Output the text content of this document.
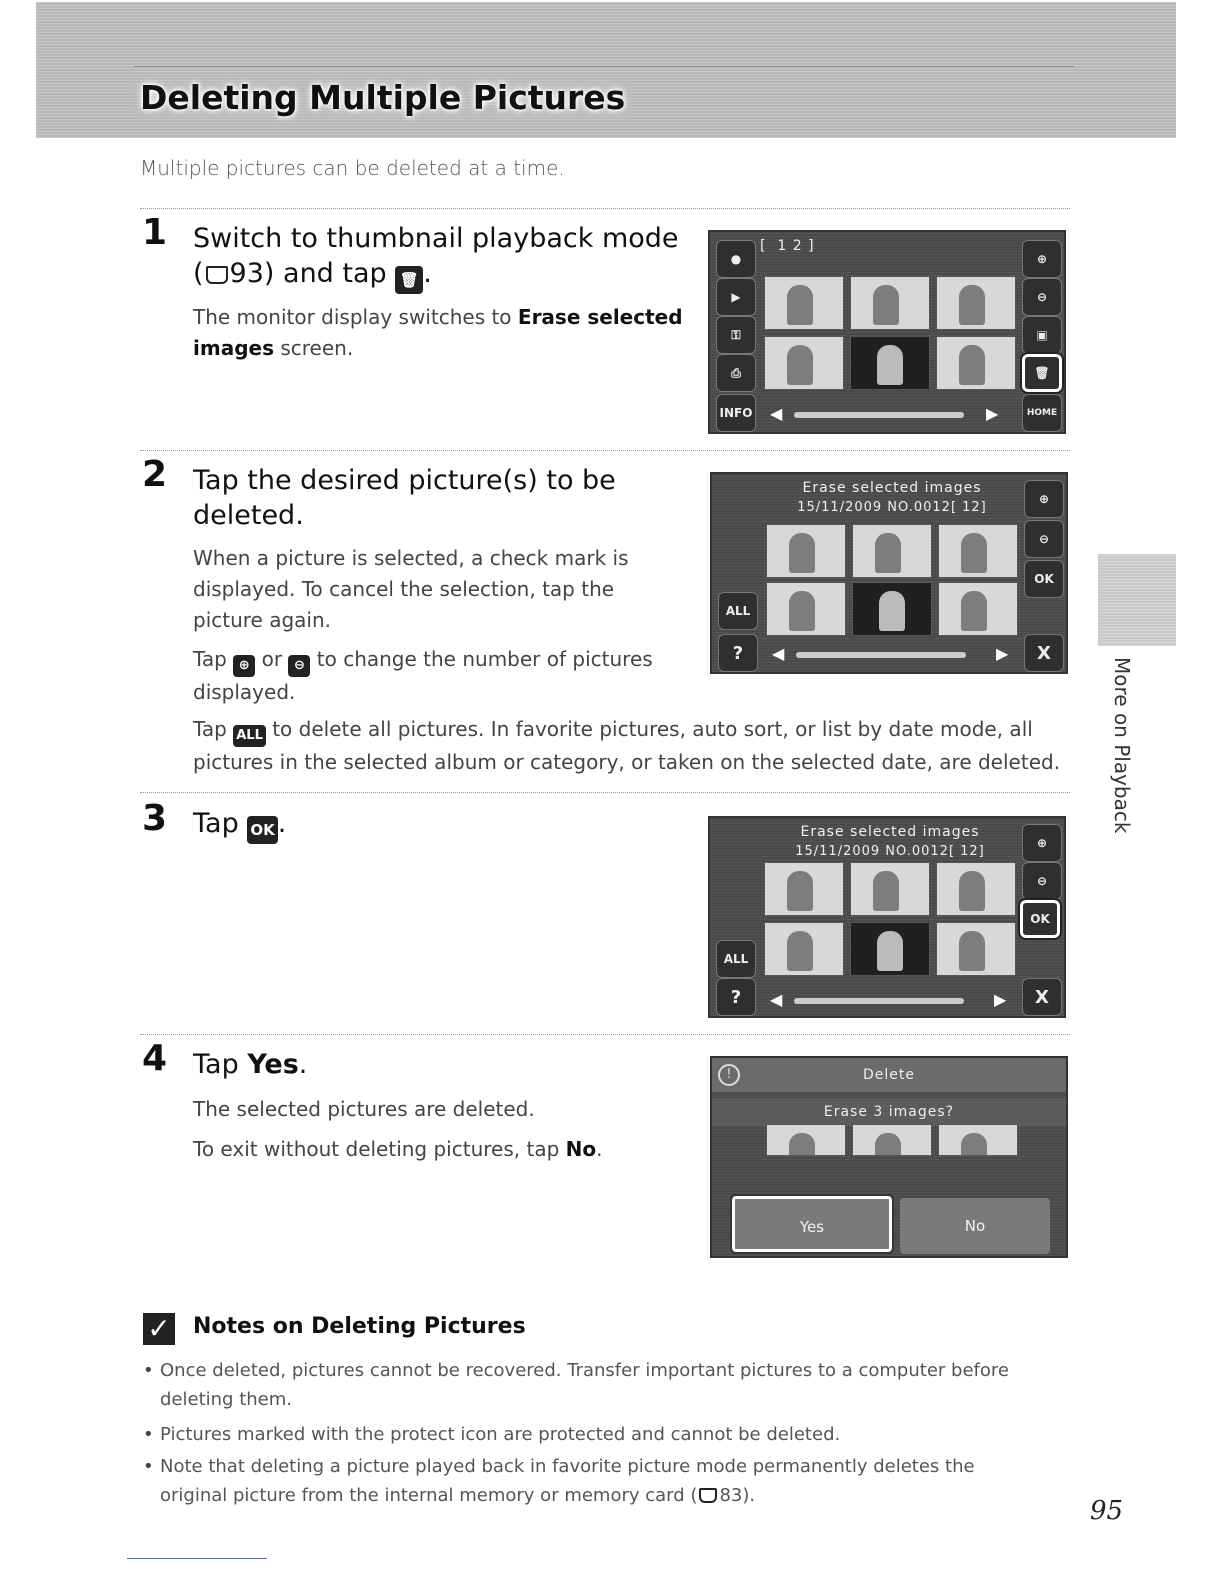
Deleting Multiple Pictures

Multiple pictures can be deleted at a time.

1 Switch to thumbnail playback mode
( 93) and tap 🗑 .
The monitor display switches to Erase selected images screen.
[  1 2 ]
●
▶
⚿
⎙
INFO
⊕
⊖
▣
🗑
HOME
◀	▶
2 Tap the desired picture(s) to be
deleted.
When a picture is selected, a check mark is displayed. To cancel the selection, tap the picture again.
Tap ⊕ or ⊖ to change the number of pictures displayed.
Tap ALL to delete all pictures. In favorite pictures, auto sort, or list by date mode, all pictures in the selected album or category, or taken on the selected date, are deleted.
Erase selected images
15/11/2009 NO.0012[ 12]
ALL
?
⊕
⊖
OK
X
◀	▶
3 Tap OK .	Erase selected images
15/11/2009 NO.0012[ 12]
ALL
?
⊕
⊖
OK
X
◀	▶
4 Tap Yes.
The selected pictures are deleted.
To exit without deleting pictures, tap No.
Delete
!
Erase 3 images?
Yes	No
More on Playback
✓ Notes on Deleting Pictures
• Once deleted, pictures cannot be recovered. Transfer important pictures to a computer before deleting them.
• Pictures marked with the protect icon are protected and cannot be deleted.
• Note that deleting a picture played back in favorite picture mode permanently deletes the original picture from the internal memory or memory card ( 83).
95
